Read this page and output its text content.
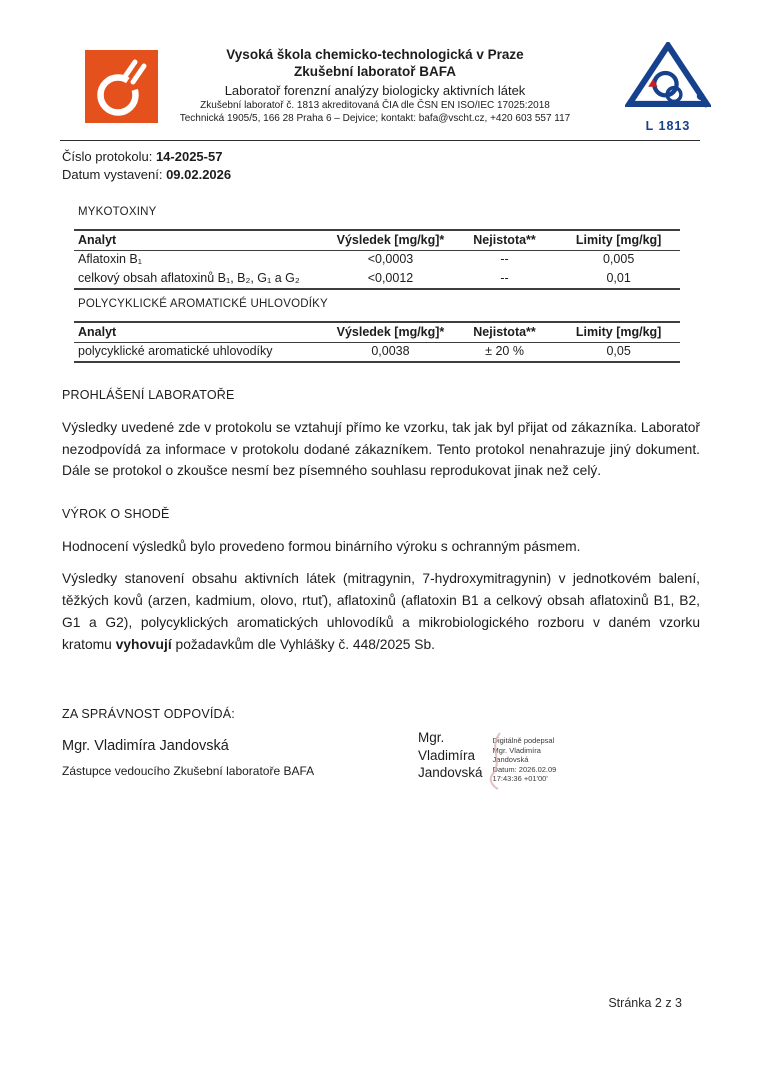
Vysoká škola chemicko-technologická v Praze
Zkušební laboratoř BAFA
Laboratoř forenzní analýzy biologicky aktivních látek
Zkušební laboratoř č. 1813 akreditovaná ČIA dle ČSN EN ISO/IEC 17025:2018
Technická 1905/5, 166 28 Praha 6 – Dejvice; kontakt: bafa@vscht.cz, +420 603 557 117
L 1813
Číslo protokolu: 14-2025-57
Datum vystavení: 09.02.2026
MYKOTOXINY
Analyt	Výsledek [mg/kg]*	Nejistota**	Limity [mg/kg]
Aflatoxin B₁	<0,0003	--	0,005
celkový obsah aflatoxinů B₁, B₂, G₁ a G₂	<0,0012	--	0,01
POLYCYKLICKÉ AROMATICKÉ UHLOVODÍKY
Analyt	Výsledek [mg/kg]*	Nejistota**	Limity [mg/kg]
polycyklické aromatické uhlovodíky	0,0038	± 20 %	0,05
PROHLÁŠENÍ LABORATOŘE
Výsledky uvedené zde v protokolu se vztahují přímo ke vzorku, tak jak byl přijat od zákazníka. Laboratoř nezodpovídá za informace v protokolu dodané zákazníkem. Tento protokol nenahrazuje jiný dokument. Dále se protokol o zkoušce nesmí bez písemného souhlasu reprodukovat jinak než celý.
VÝROK O SHODĚ
Hodnocení výsledků bylo provedeno formou binárního výroku s ochranným pásmem.
Výsledky stanovení obsahu aktivních látek (mitragynin, 7-hydroxymitragynin) v jednotkovém balení, těžkých kovů (arzen, kadmium, olovo, rtuť), aflatoxinů (aflatoxin B1 a celkový obsah aflatoxinů B1, B2, G1 a G2), polycyklických aromatických uhlovodíků a mikrobiologického rozboru v daném vzorku kratomu vyhovují požadavkům dle Vyhlášky č. 448/2025 Sb.
ZA SPRÁVNOST ODPOVÍDÁ:
Mgr. Vladimíra Jandovská
Zástupce vedoucího Zkušební laboratoře BAFA
Mgr.
Vladimíra
Jandovská
Digitálně podepsal
Mgr. Vladimíra
Jandovská
Datum: 2026.02.09
17:43:36 +01'00'
Stránka 2 z 3
